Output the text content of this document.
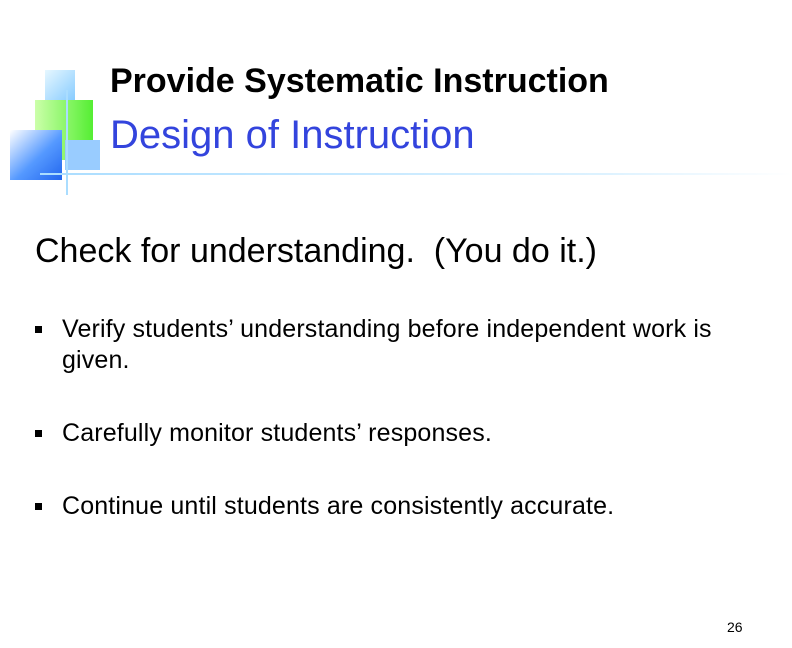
Provide Systematic Instruction
Design of Instruction
Check for understanding.  (You do it.)
Verify students’ understanding before independent work is given.
Carefully monitor students’ responses.
Continue until students are consistently accurate.
26
